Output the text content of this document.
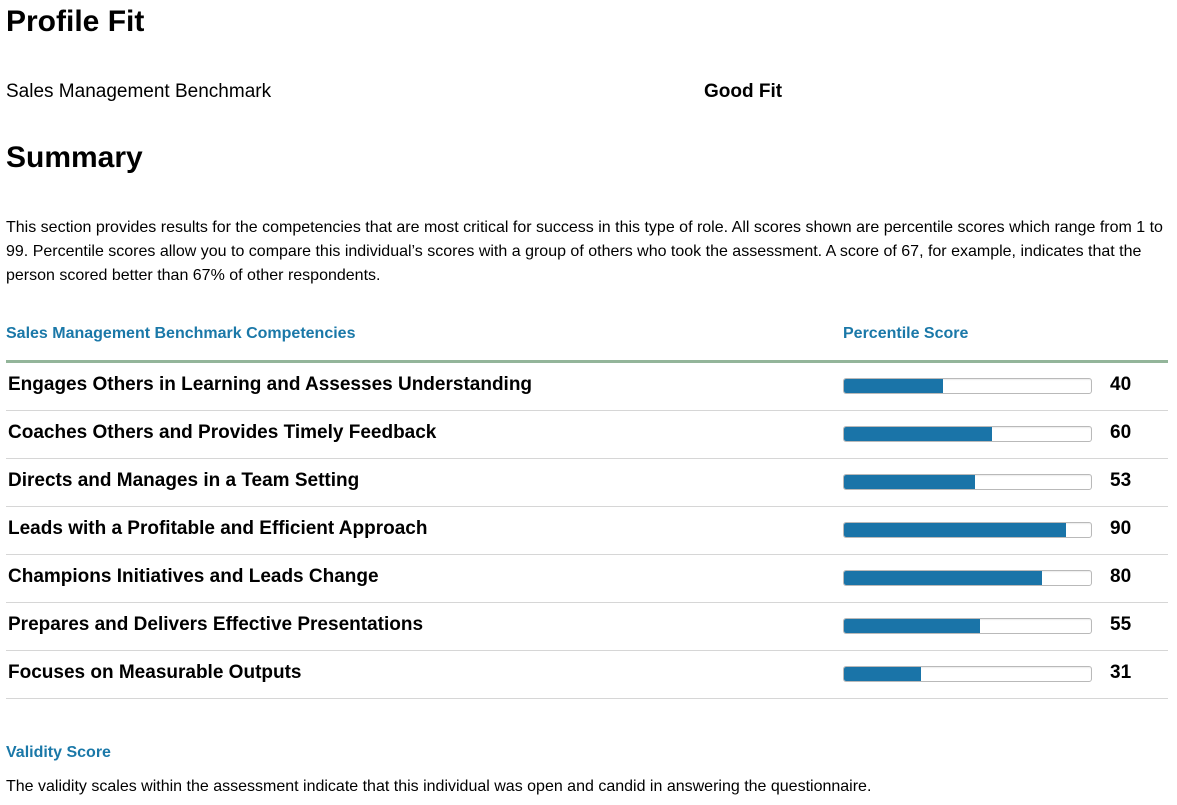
Profile Fit
Sales Management Benchmark	Good Fit
Summary

This section provides results for the competencies that are most critical for success in this type of role. All scores shown are percentile scores which range from 1 to 99. Percentile scores allow you to compare this individual’s scores with a group of others who took the assessment. A score of 67, for example, indicates that the person scored better than 67% of other respondents.

Sales Management Benchmark Competencies	Percentile Score
Engages Others in Learning and Assesses Understanding	40
Coaches Others and Provides Timely Feedback	60
Directs and Manages in a Team Setting	53
Leads with a Profitable and Efficient Approach	90
Champions Initiatives and Leads Change	80
Prepares and Delivers Effective Presentations	55
Focuses on Measurable Outputs	31
Validity Score

The validity scales within the assessment indicate that this individual was open and candid in answering the questionnaire.
